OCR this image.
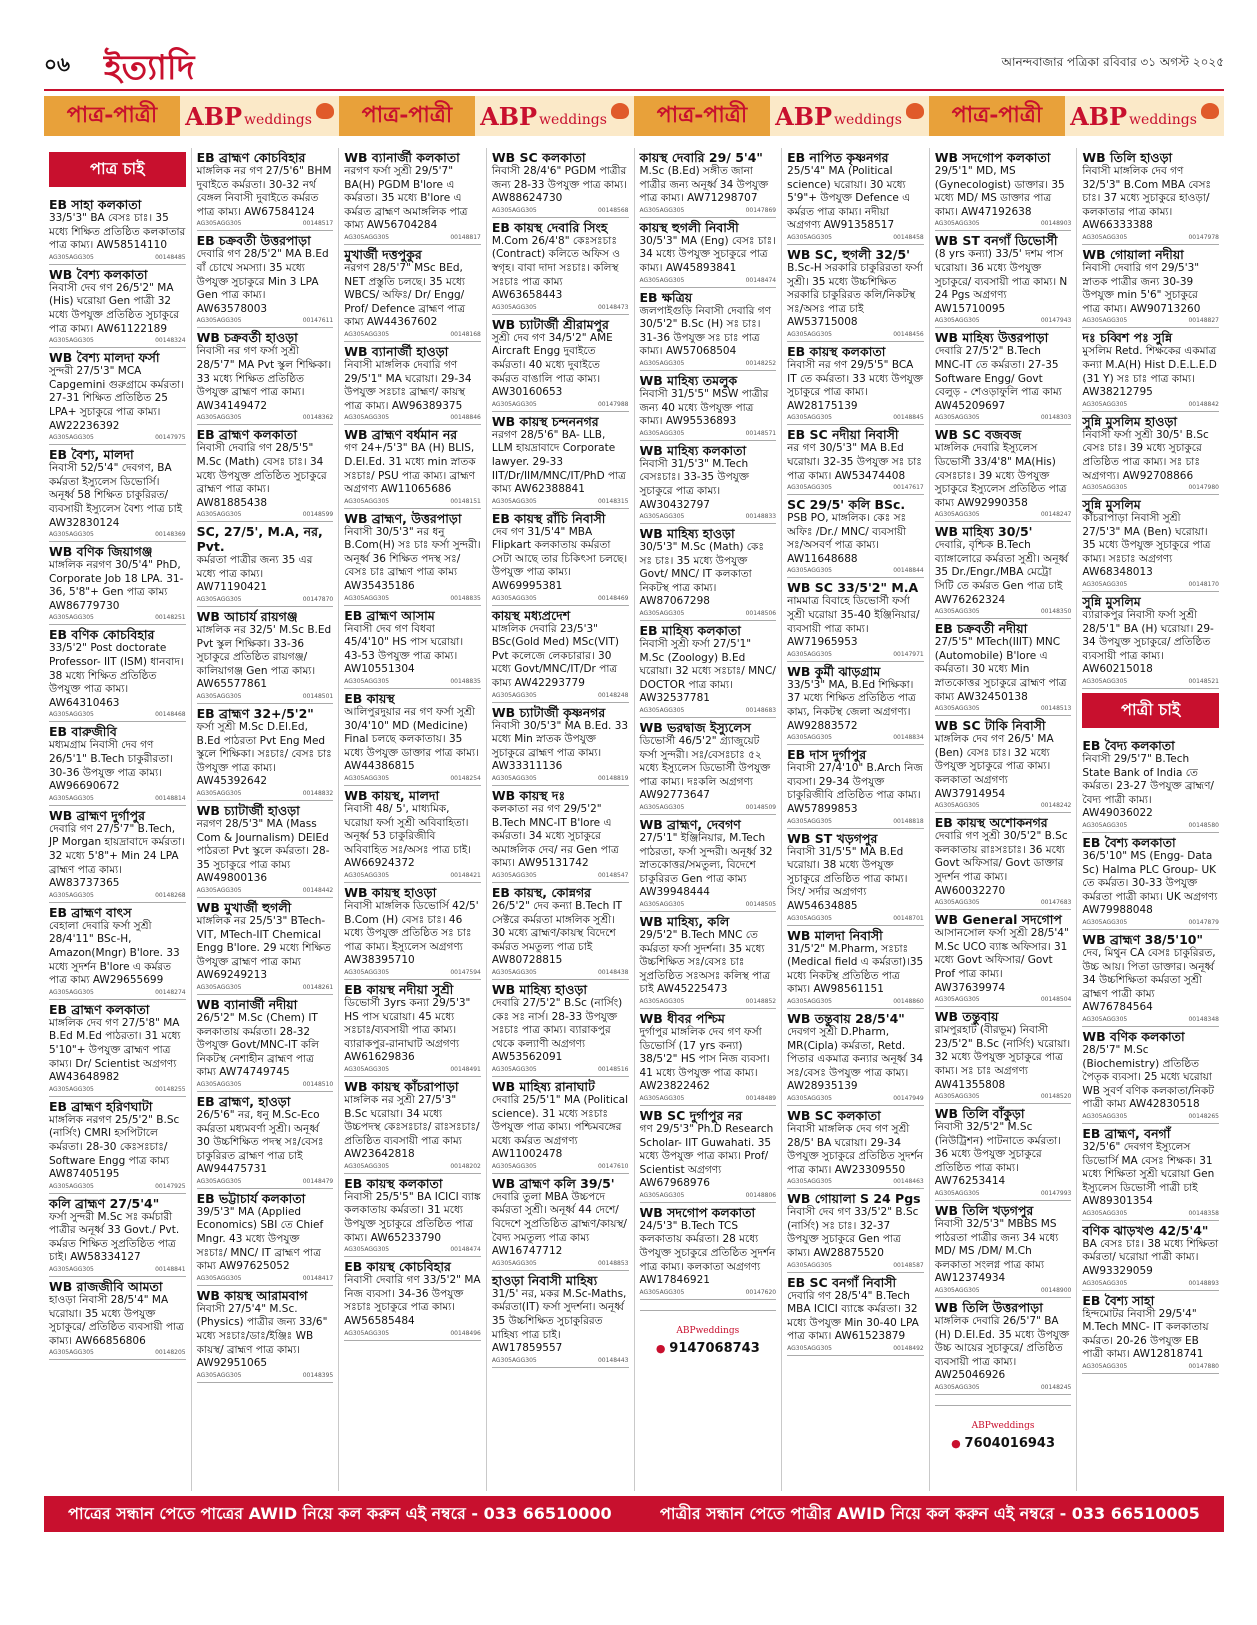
০৬ ইত্যাদি	আনন্দবাজার পত্রিকা রবিবার ৩১ অগস্ট ২০২৫
পাত্র-পাত্রী	ABP weddings	পাত্র-পাত্রী	ABP weddings	পাত্র-পাত্রী	ABP weddings	পাত্র-পাত্রী	ABP weddings
পাত্র চাই
EB সাহা কলকাতা
33/5'3" BA বেসঃ চাঃ। 35 মধ্যে শিক্ষিত প্রতিষ্ঠিত কলকাতার পাত্র কাম্য। AW58514110
AG305AGG305	00148485
WB বৈশ্য কলকাতা
নিবাসী দেব গণ 26/5'2" MA (His) ঘরোয়া Gen পাত্রী 32 মধ্যে উপযুক্ত প্রতিষ্ঠিত সুচাকুরে পাত্র কাম্য। AW61122189
AG305AGG305	00148324
WB বৈশ্য মালদা ফর্সা
সুন্দরী 27/5'3" MCA Capgemini গুরুগ্রামে কর্মরতা। 27-31 শিক্ষিত প্রতিষ্ঠিত 25 LPA+ সুচাকুরে পাত্র কাম্য। AW22236392
AG305AGG305	00147975
EB বৈশ্য, মালদা
নিবাসী 52/5'4" দেবগণ, BA কর্মরতা ইস্যুলেস ডিভোর্সি। অনূর্ধ্ব 58 শিক্ষিত চাকুরিরত/ব্যবসায়ী ইস্যুলেস বৈশ্য পাত্র চাই AW32830124
AG305AGG305	00148369
WB বণিক জিয়াগঞ্জ
মাঙ্গলিক নরগণ 30/5'4" PhD, Corporate Job 18 LPA. 31-36, 5'8"+ Gen পাত্র কাম্য AW86779730
AG305AGG305	00148251
EB বণিক কোচবিহার
33/5'2" Post doctorate Professor- IIT (ISM) ধানবাদ। 38 মধ্যে শিক্ষিত প্রতিষ্ঠিত উপযুক্ত পাত্র কাম্য। AW64310463
AG305AGG305	00148468
EB বারুজীবি
মধ্যমগ্রাম নিবাসী দেব গণ 26/5'1" B.Tech চাকুরীরতা। 30-36 উপযুক্ত পাত্র কাম্য। AW96690672
AG305AGG305	00148814
WB ব্রাহ্মণ দুর্গাপুর
দেবারি গণ 27/5'7" B.Tech, JP Morgan হায়দ্রাবাদে কর্মরতা। 32 মধ্যে 5'8"+ Min 24 LPA ব্রাহ্মণ পাত্র কাম্য। AW83737365
AG305AGG305	00148268
EB ব্রাহ্মণ বাৎস
বেহালা দেবারি ফর্সা সুশ্রী 28/4'11" BSc-H, Amazon(Mngr) B'lore. 33 মধ্যে সুদর্শন B'lore এ কর্মরত পাত্র কাম্য AW29655699
AG305AGG305	00148274
EB ব্রাহ্মণ কলকাতা
মাঙ্গলিক দেব গণ 27/5'8" MA B.Ed M.Ed পাঠরতা। 31 মধ্যে 5'10"+ উপযুক্ত ব্রাহ্মণ পাত্র কাম্য। Dr/ Scientist অগ্রগণ্য AW43648982
AG305AGG305	00148255
EB ব্রাহ্মণ হরিণঘাটা
মাঙ্গলিক নরগণ 25/5'2" B.Sc (নার্সিং) CMRI হসপিটালে কর্মরতা। 28-30 কেঃসঃচাঃ/ Software Engg পাত্র কাম্য AW87405195
AG305AGG305	00147925
কলি ব্রাহ্মণ 27/5'4"
ফর্সা সুন্দরী M.Sc সঃ কর্মচারী পাত্রীর অনূর্ধ্ব 33 Govt./ Pvt. কর্মরত শিক্ষিত সুপ্রতিষ্ঠিত পাত্র চাই। AW58334127
AG305AGG305	00148841
WB রাজজীবি আমতা
হাওড়া নিবাসী 28/5'4" MA ঘরোয়া। 35 মধ্যে উপযুক্ত সুচাকুরে/ প্রতিষ্ঠিত ব্যবসায়ী পাত্র কাম্য। AW66856806
AG305AGG305	00148205
EB ব্রাহ্মণ কোচবিহার
মাঙ্গলিক নর গণ 27/5'6" BHM দুবাইতে কর্মরতা। 30-32 নর্থ বেঙ্গল নিবাসী দুবাইতে কর্মরত পাত্র কাম্য। AW67584124
AG305AGG305	00148517
EB চক্রবর্তী উত্তরপাড়া
দেবারি গণ 28/5'2" MA B.Ed বাঁ চোখে সমস্যা। 35 মধ্যে উপযুক্ত সুচাকুরে Min 3 LPA Gen পাত্র কাম্য। AW63578003
AG305AGG305	00147611
WB চক্রবর্তী হাওড়া
নিবাসী নর গণ ফর্সা সুশ্রী 28/5'7" MA Pvt স্কুল শিক্ষিকা। 33 মধ্যে শিক্ষিত প্রতিষ্ঠিত উপযুক্ত ব্রাহ্মণ পাত্র কাম্য। AW34149472
AG305AGG305	00148362
EB ব্রাহ্মণ কলকাতা
নিবাসী দেবারি গণ 28/5'5" M.Sc (Math) বেসঃ চাঃ। 34 মধ্যে উপযুক্ত প্রতিষ্ঠিত সুচাকুরে ব্রাহ্মণ পাত্র কাম্য। AW81885438
AG305AGG305	00148599
SC, 27/5', M.A, নর, Pvt.
কর্মরতা পাত্রীর জন্য 35 এর মধ্যে পাত্র কাম্য। AW71190421
AG305AGG305	00147870
WB আচার্য রায়গঞ্জ
মাঙ্গলিক নর 32/5' M.Sc B.Ed Pvt স্কুল শিক্ষিকা। 33-36 সুচাকুরে প্রতিষ্ঠিত রায়গঞ্জ/ কালিয়াগঞ্জ Gen পাত্র কাম্য। AW65577861
AG305AGG305	00148501
EB ব্রাহ্মণ 32+/5'2"
ফর্সা সুশ্রী M.Sc D.El.Ed, B.Ed পাঠরতা Pvt Eng Med স্কুলে শিক্ষিকা। সঃচাঃ/ বেসঃ চাঃ উপযুক্ত পাত্র কাম্য। AW45392642
AG305AGG305	00148832
WB চ্যাটার্জী হাওড়া
নরগণ 28/5'3" MA (Mass Com & Journalism) DElEd পাঠরতা Pvt স্কুলে কর্মরতা। 28-35 সুচাকুরে পাত্র কাম্য AW49800136
AG305AGG305	00148442
WB মুখার্জী হুগলী
মাঙ্গলিক নর 25/5'3" BTech-VIT, MTech-IIT Chemical Engg B'lore. 29 মধ্যে শিক্ষিত উপযুক্ত ব্রাহ্মণ পাত্র কাম্য AW69249213
AG305AGG305	00148261
WB ব্যানার্জী নদীয়া
26/5'2" M.Sc (Chem) IT কলকাতায় কর্মরতা। 28-32 উপযুক্ত Govt/MNC-IT কলি নিকটস্থ নেশাহীন ব্রাহ্মণ পাত্র কাম্য AW74749745
AG305AGG305	00148510
EB ব্রাহ্মণ, হাওড়া
26/5'6" নর, ধনু M.Sc-Eco কর্মরতা মধ্যমবর্ণা সুশ্রী। অনূর্ধ্ব 30 উচ্চশিক্ষিত পদস্থ সঃ/বেসঃ চাকুরিরত ব্রাহ্মণ পাত্র চাই AW94475731
AG305AGG305	00148479
EB ভট্টাচার্য কলকাতা
39/5'3" MA (Applied Economics) SBI তে Chief Mngr. 43 মধ্যে উপযুক্ত সঃচাঃ/ MNC/ IT ব্রাহ্মণ পাত্র কাম্য AW97625052
AG305AGG305	00148417
WB কায়স্থ আরামবাগ
নিবাসী 27/5'4" M.Sc. (Physics) পাত্রীর জন্য 33/6" মধ্যে সঃচাঃ/ডাঃ/ইঞ্জিঃ WB কায়স্থ/ ব্রাহ্মণ পাত্র কাম্য। AW92951065
AG305AGG305	00148395
WB ব্যানার্জী কলকাতা
নরগণ ফর্সা সুশ্রী 29/5'7" BA(H) PGDM B'lore এ কর্মরতা। 35 মধ্যে B'lore এ কর্মরত ব্রাহ্মণ অমাঙ্গলিক পাত্র কাম্য AW56704284
AG305AGG305	00148817
মুখার্জী দত্তপুকুর
নরগণ 28/5'7" MSc BEd, NET প্রস্তুতি চলছে। 35 মধ্যে WBCS/ অফিঃ/ Dr/ Engg/ Prof/ Defence ব্রাহ্মণ পাত্র কাম্য AW44367602
AG305AGG305	00148168
WB ব্যানার্জী হাওড়া
নিবাসী মাঙ্গলিক দেবারি গণ 29/5'1" MA ঘরোয়া। 29-34 উপযুক্ত সঃচাঃ ব্রাহ্মণ/ কায়স্থ পাত্র কাম্য। AW96389375
AG305AGG305	00148846
WB ব্রাহ্মণ বর্ধমান নর
গণ 24+/5'3" BA (H) BLIS, D.El.Ed. 31 মধ্যে min স্নাতক সঃচাঃ/ PSU পাত্র কাম্য। ব্রাহ্মণ অগ্রগণ্য AW11065686
AG305AGG305	00148151
WB ব্রাহ্মণ, উত্তরপাড়া
নিবাসী 30/5'3" নর ধনু B.Com(H) সঃ চাঃ ফর্সা সুন্দরী। অনূর্ধ্ব 36 শিক্ষিত পদস্থ সঃ/বেসঃ চাঃ ব্রাহ্মণ পাত্র কাম্য AW35435186
AG305AGG305	00148835
EB ব্রাহ্মণ আসাম
নিবাসী দেব গণ বিধবা 45/4'10" HS পাস ঘরোয়া। 43-53 উপযুক্ত পাত্র কাম্য। AW10551304
AG305AGG305	00148835
EB কায়স্থ
আলিপুরদুয়ার নর গণ ফর্সা সুশ্রী 30/4'10" MD (Medicine) Final চলছে কলকাতায়। 35 মধ্যে উপযুক্ত ডাক্তার পাত্র কাম্য। AW44386815
AG305AGG305	00148254
WB কায়স্থ, মালদা
নিবাসী 48/ 5', মাধ্যমিক, ঘরোয়া ফর্সা সুশ্রী অবিবাহিতা। অনূর্ধ্ব 53 চাকুরিজীবি অবিবাহিত সঃ/অসঃ পাত্র চাই। AW66924372
AG305AGG305	00148421
WB কায়স্থ হাওড়া
নিবাসী মাঙ্গলিক ডিভোর্সি 42/5' B.Com (H) বেসঃ চাঃ। 46 মধ্যে উপযুক্ত প্রতিষ্ঠিত সঃ চাঃ পাত্র কাম্য। ইস্যুলেস অগ্রগণ্য AW38395710
AG305AGG305	00147594
EB কায়স্থ নদীয়া সুশ্রী
ডিভোর্সী 3yrs কন্যা 29/5'3" HS পাস ঘরোয়া। 45 মধ্যে সঃচাঃ/ব্যবসায়ী পাত্র কাম্য। ব্যারাকপুর-রানাঘাট অগ্রগণ্য AW61629836
AG305AGG305	00148491
WB কায়স্থ কাঁচরাপাড়া
মাঙ্গলিক নর সুশ্রী 27/5'3" B.Sc ঘরোয়া। 34 মধ্যে উচ্চপদস্থ কেঃসঃচাঃ/ রাঃসঃচাঃ/ প্রতিষ্ঠিত ব্যবসায়ী পাত্র কাম্য AW23642818
AG305AGG305	00148202
EB কায়স্থ কলকাতা
নিবাসী 25/5'5" BA ICICI ব্যাঙ্ক কলকাতায় কর্মরতা। 31 মধ্যে উপযুক্ত সুচাকুরে প্রতিষ্ঠিত পাত্র কাম্য। AW65233790
AG305AGG305	00148474
EB কায়স্থ কোচবিহার
নিবাসী দেবারি গণ 33/5'2" MA নিজ ব্যবসা। 34-36 উপযুক্ত সঃচাঃ সুচাকুরে পাত্র কাম্য। AW56585484
AG305AGG305	00148496
WB SC কলকাতা
নিবাসী 28/4'6" PGDM পাত্রীর জন্য 28-33 উপযুক্ত পাত্র কাম্য। AW88624730
AG305AGG305	00148568
EB কায়স্থ দেবারি সিংহ
M.Com 26/4'8" কেঃসঃচাঃ (Contract) কলিতে অফিস ও স্বগৃহ। বাবা দাদা সঃচাঃ। কলিস্থ সঃচাঃ পাত্র কাম্য AW63658443
AG305AGG305	00148473
WB চ্যাটার্জী শ্রীরামপুর
সুশ্রী দেব গণ 34/5'2" AME Aircraft Engg দুবাইতে কর্মরতা। 40 মধ্যে দুবাইতে কর্মরত বাঙালি পাত্র কাম্য। AW30160653
AG305AGG305	00147988
WB কায়স্থ চন্দননগর
নরগণ 28/5'6" BA- LLB, LLM হায়দ্রাবাদে Corporate lawyer. 29-33 IIT/Dr/IIM/MNC/IT/PhD পাত্র কাম্য AW62388841
AG305AGG305	00148315
EB কায়স্থ রাঁচি নিবাসী
দেব গণ 31/5'4" MBA Flipkart কলকাতায় কর্মরতা সেটা আছে তার চিকিৎসা চলছে। উপযুক্ত পাত্র কাম্য। AW69995381
AG305AGG305	00148469
কায়স্থ মধ্যপ্রদেশ
মাঙ্গলিক দেবারি 23/5'3" BSc(Gold Med) MSc(VIT) Pvt কলেজে লেকচারার। 30 মধ্যে Govt/MNC/IT/Dr পাত্র কাম্য AW42293779
AG305AGG305	00148248
WB চ্যাটার্জী কৃষ্ণনগর
নিবাসী 30/5'3" MA B.Ed. 33 মধ্যে Min স্নাতক উপযুক্ত সুচাকুরে ব্রাহ্মণ পাত্র কাম্য। AW33311136
AG305AGG305	00148819
WB কায়স্থ দঃ
কলকাতা নর গণ 29/5'2" B.Tech MNC-IT B'lore এ কর্মরতা। 34 মধ্যে সুচাকুরে অমাঙ্গলিক দেব/ নর Gen পাত্র কাম্য। AW95131742
AG305AGG305	00148547
EB কায়স্থ, কোন্নগর
26/5'2" দেব কন্যা B.Tech IT সেক্টরে কর্মরতা মাঙ্গলিক সুশ্রী। 30 মধ্যে ব্রাহ্মণ/কায়স্থ বিদেশে কর্মরত সমতুল্য পাত্র চাই AW80728815
AG305AGG305	00148438
WB মাহিষ্য হাওড়া
দেবারি 27/5'2" B.Sc (নার্সিং) কেঃ সঃ নার্স। 28-33 উপযুক্ত সঃচাঃ পাত্র কাম্য। ব্যারাকপুর থেকে কল্যাণী অগ্রগণ্য AW53562091
AG305AGG305	00148516
WB মাহিষ্য রানাঘাট
দেবারি 25/5'1" MA (Political science). 31 মধ্যে সঃচাঃ উপযুক্ত পাত্র কাম্য। পশ্চিমবঙ্গের মধ্যে কর্মরত অগ্রগণ্য AW11002478
AG305AGG305	00147610
WB ব্রাহ্মণ কলি 39/5'
দেবারি তুলা MBA উচ্চপদে কর্মরতা সুশ্রী। অনূর্ধ্ব 44 দেশে/বিদেশে সুপ্রতিষ্ঠিত ব্রাহ্মণ/কায়স্থ/বৈদ্য সমতুল্য পাত্র কাম্য AW16747712
AG305AGG305	00148853
হাওড়া নিবাসী মাহিষ্য
31/5' নর, মকর M.Sc-Maths, কর্মরতা(IT) ফর্সা সুদর্শনা। অনূর্ধ্ব 35 উচ্চশিক্ষিত সুচাকুরিরত মাহিষ্য পাত্র চাই। AW17859557
AG305AGG305	00148443
কায়স্থ দেবারি 29/ 5'4"
M.Sc (B.Ed) সঙ্গীত জানা পাত্রীর জন্য অনূর্ধ্ব 34 উপযুক্ত পাত্র কাম্য। AW71298707
AG305AGG305	00147869
কায়স্থ হুগলী নিবাসী
30/5'3" MA (Eng) বেসঃ চাঃ। 34 মধ্যে উপযুক্ত সুচাকুরে পাত্র কাম্য। AW45893841
AG305AGG305	00148474
EB ক্ষত্রিয়
জলপাইগুড়ি নিবাসী দেবারি গণ 30/5'2" B.Sc (H) সঃ চাঃ। 31-36 উপযুক্ত সঃ চাঃ পাত্র কাম্য। AW57068504
AG305AGG305	00148252
WB মাহিষ্য তমলুক
নিবাসী 31/5'5" MSW পাত্রীর জন্য 40 মধ্যে উপযুক্ত পাত্র কাম্য। AW95536893
AG305AGG305	00148571
WB মাহিষ্য কলকাতা
নিবাসী 31/5'3" M.Tech বেসঃচাঃ। 33-35 উপযুক্ত সুচাকুরে পাত্র কাম্য। AW30432797
AG305AGG305	00148833
WB মাহিষ্য হাওড়া
30/5'3" M.Sc (Math) কেঃ সঃ চাঃ। 35 মধ্যে উপযুক্ত Govt/ MNC/ IT কলকাতা নিকটস্থ পাত্র কাম্য। AW87067298
AG305AGG305	00148506
EB মাহিষ্য কলকাতা
নিবাসী সুশ্রী ফর্সা 27/5'1" M.Sc (Zoology) B.Ed ঘরোয়া। 32 মধ্যে সঃচাঃ/ MNC/ DOCTOR পাত্র কাম্য। AW32537781
AG305AGG305	00148683
WB ভরদ্বাজ ইস্যুলেস
ডিভোর্সী 46/5'2" গ্র্যাজুয়েট ফর্সা সুন্দরী। সঃ/বেসঃচাঃ ৫২ মধ্যে ইস্যুলেস ডিভোর্সী উপযুক্ত পাত্র কাম্য। দঃকলি অগ্রগণ্য AW92773647
AG305AGG305	00148509
WB ব্রাহ্মণ, দেবগণ
27/5'1" ইঞ্জিনিয়ার, M.Tech পাঠরতা, ফর্সা সুন্দরী। অনূর্ধ্ব 32 স্নাতকোত্তর/সমতুল্য, বিদেশে চাকুরিরত Gen পাত্র কাম্য AW39948444
AG305AGG305	00148505
WB মাহিষ্য, কলি
29/5'2" B.Tech MNC তে কর্মরতা ফর্সা সুদর্শনা। 35 মধ্যে উচ্চশিক্ষিত সঃ/বেসঃ চাঃ সুপ্রতিষ্ঠিত সঃঅসঃ কলিস্থ পাত্র চাই AW45225473
AG305AGG305	00148852
WB ধীবর পশ্চিম
দুর্গাপুর মাঙ্গলিক দেব গণ ফর্সা ডিভোর্সি (17 yrs কন্যা) 38/5'2" HS পাস নিজ ব্যবসা। 41 মধ্যে উপযুক্ত পাত্র কাম্য। AW23822462
AG305AGG305	00148489
WB SC দুর্গাপুর নর
গণ 29/5'3" Ph.D Research Scholar- IIT Guwahati. 35 মধ্যে উপযুক্ত পাত্র কাম্য। Prof/ Scientist অগ্রগণ্য AW67968976
AG305AGG305	00148806
WB সদগোপ কলকাতা
24/5'3" B.Tech TCS কলকাতায় কর্মরতা। 28 মধ্যে উপযুক্ত সুচাকুরে প্রতিষ্ঠিত সুদর্শন পাত্র কাম্য। কলকাতা অগ্রগণ্য AW17846921
AG305AGG305	00147620
ABPweddings
● 9147068743
EB নাপিত কৃষ্ণনগর
25/5'4" MA (Political science) ঘরোয়া। 30 মধ্যে 5'9"+ উপযুক্ত Defence এ কর্মরত পাত্র কাম্য। নদীয়া অগ্রগণ্য AW91358517
AG305AGG305	00148458
WB SC, হুগলী 32/5'
B.Sc-H সরকারি চাকুরিরতা ফর্সা সুশ্রী। 35 মধ্যে উচ্চশিক্ষিত সরকারি চাকুরিরত কলি/নিকটস্থ সঃ/অসঃ পাত্র চাই AW53715008
AG305AGG305	00148456
EB কায়স্থ কলকাতা
নিবাসী নর গণ 29/5'5" BCA IT তে কর্মরতা। 33 মধ্যে উপযুক্ত সুচাকুরে পাত্র কাম্য। AW28175139
AG305AGG305	00148845
EB SC নদীয়া নিবাসী
নর গণ 30/5'3" MA B.Ed ঘরোয়া। 32-35 উপযুক্ত সঃ চাঃ পাত্র কাম্য। AW53474408
AG305AGG305	00147617
SC 29/5' কলি BSc.
PSB PO, মাঙ্গলিক। কেঃ সঃ অফিঃ /Dr./ MNC/ ব্যবসায়ী সঃ/অসবর্ণ পাত্র কাম্য। AW11648688
AG305AGG305	00148844
WB SC 33/5'2" M.A
নামমাত্র বিবাহে ডিভোর্সী ফর্সা সুশ্রী ঘরোয়া 35-40 ইঞ্জিনিয়ার/ব্যবসায়ী পাত্র কাম্য। AW71965953
AG305AGG305	00147971
WB কুর্মী ঝাড়গ্রাম
33/5'3" MA, B.Ed শিক্ষিকা। 37 মধ্যে শিক্ষিত প্রতিষ্ঠিত পাত্র কাম্য, নিকটস্থ জেলা অগ্রগণ্য। AW92883572
AG305AGG305	00148834
EB দাস দুর্গাপুর
নিবাসী 27/4'10" B.Arch নিজ ব্যবসা। 29-34 উপযুক্ত চাকুরিজীবি প্রতিষ্ঠিত পাত্র কাম্য। AW57899853
AG305AGG305	00148818
WB ST খড়গপুর
নিবাসী 31/5'5" MA B.Ed ঘরোয়া। 38 মধ্যে উপযুক্ত সুচাকুরে প্রতিষ্ঠিত পাত্র কাম্য। সিং/ সর্দার অগ্রগণ্য AW54634885
AG305AGG305	00148701
WB মালদা নিবাসী
31/5'2" M.Pharm, সঃচাঃ (Medical field এ কর্মরতা)।35 মধ্যে নিকটস্থ প্রতিষ্ঠিত পাত্র কাম্য। AW98561151
AG305AGG305	00148860
WB তন্তুবায় 28/5'4"
দেবগণ সুশ্রী D.Pharm, MR(Cipla) কর্মরতা, Retd. পিতার একমাত্র কন্যার অনূর্ধ্ব 34 সঃ/বেসঃ উপযুক্ত পাত্র কাম্য। AW28935139
AG305AGG305	00147949
WB SC কলকাতা
নিবাসী মাঙ্গলিক দেব গণ সুশ্রী 28/5' BA ঘরোয়া। 29-34 উপযুক্ত সুচাকুরে প্রতিষ্ঠিত সুদর্শন পাত্র কাম্য। AW23309550
AG305AGG305	00148463
WB গোয়ালা S 24 Pgs
নিবাসী দেব গণ 33/5'2" B.Sc (নার্সিং) সঃ চাঃ। 32-37 উপযুক্ত সুচাকুরে Gen পাত্র কাম্য। AW28875520
AG305AGG305	00148587
EB SC বনগাঁ নিবাসী
দেবারি গণ 28/5'4" B.Tech MBA ICICI ব্যাঙ্কে কর্মরতা। 32 মধ্যে উপযুক্ত Min 30-40 LPA পাত্র কাম্য। AW61523879
AG305AGG305	00148492
WB সদগোপ কলকাতা
29/5'1" MD, MS (Gynecologist) ডাক্তার। 35 মধ্যে MD/ MS ডাক্তার পাত্র কাম্য। AW47192638
AG305AGG305	00148903
WB ST বনগাঁ ডিভোর্সী
(8 yrs কন্যা) 33/5' দশম পাস ঘরোয়া। 36 মধ্যে উপযুক্ত সুচাকুরে/ ব্যবসায়ী পাত্র কাম্য। N 24 Pgs অগ্রগণ্য AW15710095
AG305AGG305	00147943
WB মাহিষ্য উত্তরপাড়া
দেবারি 27/5'2" B.Tech MNC-IT তে কর্মরতা। 27-35 Software Engg/ Govt বেলুড় - শেওড়াফুলি পাত্র কাম্য AW45209697
AG305AGG305	00148303
WB SC বজবজ
মাঙ্গলিক দেবারি ইস্যুলেস ডিভোর্সী 33/4'8" MA(His) বেসঃচাঃ। 39 মধ্যে উপযুক্ত সুচাকুরে ইস্যুলেস প্রতিষ্ঠিত পাত্র কাম্য AW92990358
AG305AGG305	00148247
WB মাহিষ্য 30/5'
দেবারি, বৃশ্চিক B.Tech ব্যাঙ্গালোরে কর্মরতা সুশ্রী। অনূর্ধ্ব 35 Dr./Engr./MBA মেট্রো সিটি তে কর্মরত Gen পাত্র চাই AW76262324
AG305AGG305	00148350
EB চক্রবর্তী নদীয়া
27/5'5" MTech(IIIT) MNC (Automobile) B'lore এ কর্মরতা। 30 মধ্যে Min স্নাতকোত্তর সুচাকুরে ব্রাহ্মণ পাত্র কাম্য AW32450138
AG305AGG305	00148513
WB SC টাকি নিবাসী
মাঙ্গলিক দেব গণ 26/5' MA (Ben) বেসঃ চাঃ। 32 মধ্যে উপযুক্ত সুচাকুরে পাত্র কাম্য। কলকাতা অগ্রগণ্য AW37914954
AG305AGG305	00148242
EB কায়স্থ অশোকনগর
দেবারি গণ সুশ্রী 30/5'2" B.Sc কলকাতায় রাঃসঃচাঃ। 36 মধ্যে Govt অফিসার/ Govt ডাক্তার সুদর্শন পাত্র কাম্য। AW60032270
AG305AGG305	00147683
WB General সদগোপ
আসানসোল ফর্সা সুশ্রী 28/5'4" M.Sc UCO ব্যাঙ্ক অফিসার। 31 মধ্যে Govt অফিসার/ Govt Prof পাত্র কাম্য। AW37639974
AG305AGG305	00148504
WB তন্তুবায়
রামপুরহাট (বীরভূম) নিবাসী 23/5'2" B.Sc (নার্সিং) ঘরোয়া। 32 মধ্যে উপযুক্ত সুচাকুরে পাত্র কাম্য। সঃ চাঃ অগ্রগণ্য AW41355808
AG305AGG305	00148520
WB তিলি বাঁকুড়া
নিবাসী 32/5'2" M.Sc (নিউট্রিশন) পাটনাতে কর্মরতা। 36 মধ্যে উপযুক্ত সুচাকুরে প্রতিষ্ঠিত পাত্র কাম্য। AW76253414
AG305AGG305	00147993
WB তিলি খড়গপুর
নিবাসী 32/5'3" MBBS MS পাঠরতা পাত্রীর জন্য 34 মধ্যে MD/ MS /DM/ M.Ch কলকাতা সংলগ্ন পাত্র কাম্য AW12374934
AG305AGG305	00148900
WB তিলি উত্তরপাড়া
মাঙ্গলিক দেবারি 26/5'7" BA (H) D.El.Ed. 35 মধ্যে উপযুক্ত উচ্চ আয়ের সুচাকুরে/ প্রতিষ্ঠিত ব্যবসায়ী পাত্র কাম্য। AW25046926
AG305AGG305	00148245
ABPweddings
● 7604016943
WB তিলি হাওড়া
নিবাসী মাঙ্গলিক দেব গণ 32/5'3" B.Com MBA বেসঃ চাঃ। 37 মধ্যে সুচাকুরে হাওড়া/ কলকাতার পাত্র কাম্য। AW66333388
AG305AGG305	00147978
WB গোয়ালা নদীয়া
নিবাসী দেবারি গণ 29/5'3" স্নাতক পাত্রীর জন্য 30-39 উপযুক্ত min 5'6" সুচাকুরে পাত্র কাম্য। AW90713260
AG305AGG305	00148827
দঃ চব্বিশ পঃ সুন্নি
মুসলিম Retd. শিক্ষকের একমাত্র কন্যা M.A(H) Hist D.E.L.E.D (31 Y) সঃ চাঃ পাত্র কাম্য। AW38212795
AG305AGG305	00148842
সুন্নি মুসলিম হাওড়া
নিবাসী ফর্সা সুশ্রী 30/5' B.Sc বেসঃ চাঃ। 39 মধ্যে সুচাকুরে প্রতিষ্ঠিত পাত্র কাম্য। সঃ চাঃ অগ্রগণ্য। AW92708866
AG305AGG305	00147980
সুন্নি মুসলিম
কাঁচরাপাড়া নিবাসী সুশ্রী 27/5'3" MA (Ben) ঘরোয়া। 35 মধ্যে উপযুক্ত সুচাকুরে পাত্র কাম্য। সঃচাঃ অগ্রগণ্য AW68348013
AG305AGG305	00148170
সুন্নি মুসলিম
ব্যারাকপুর নিবাসী ফর্সা সুশ্রী 28/5'1" BA (H) ঘরোয়া। 29-34 উপযুক্ত সুচাকুরে/ প্রতিষ্ঠিত ব্যবসায়ী পাত্র কাম্য। AW60215018
AG305AGG305	00148521
পাত্রী চাই
EB বৈদ্য কলকাতা
নিবাসী 29/5'7" B.Tech State Bank of India তে কর্মরত। 23-27 উপযুক্ত ব্রাহ্মণ/ বৈদ্য পাত্রী কাম্য। AW49036022
AG305AGG305	00148580
EB বৈশ্য কলকাতা
36/5'10" MS (Engg- Data Sc) Halma PLC Group- UK তে কর্মরত। 30-33 উপযুক্ত কর্মরতা পাত্রী কাম্য। UK অগ্রগণ্য AW79988048
AG305AGG305	00147879
WB ব্রাহ্মণ 38/5'10"
দেব, মিথুন CA বেসঃ চাকুরিরত, উচ্চ আয়। পিতা ডাক্তার। অনূর্ধ্ব 34 উচ্চশিক্ষিতা কর্মরতা সুশ্রী ব্রাহ্মণ পাত্রী কাম্য AW76784564
AG305AGG305	00148348
WB বণিক কলকাতা
28/5'7" M.Sc (Biochemistry) প্রতিষ্ঠিত পৈতৃক ব্যবসা। 25 মধ্যে ঘরোয়া WB সুবর্ণ বণিক কলকাতা/নিকট পাত্রী কাম্য AW42830518
AG305AGG305	00148265
EB ব্রাহ্মণ, বনগাঁ
32/5'6" দেবগণ ইস্যুলেস ডিভোর্সি MA বেসঃ শিক্ষক। 31 মধ্যে শিক্ষিতা সুশ্রী ঘরোয়া Gen ইস্যুলেস ডিভোর্সী পাত্রী চাই AW89301354
AG305AGG305	00148358
বণিক ঝাড়খণ্ড 42/5'4"
BA বেসঃ চাঃ। 38 মধ্যে শিক্ষিতা কর্মরতা/ ঘরোয়া পাত্রী কাম্য। AW93329059
AG305AGG305	00148893
EB বৈশ্য সাহা
হিন্দমোটর নিবাসী 29/5'4" M.Tech MNC- IT কলকাতায় কর্মরত। 20-26 উপযুক্ত EB পাত্রী কাম্য। AW12818741
AG305AGG305	00147880
পাত্রের সন্ধান পেতে পাত্রের AWID নিয়ে কল করুন এই নম্বরে - 033 66510000	পাত্রীর সন্ধান পেতে পাত্রীর AWID নিয়ে কল করুন এই নম্বরে - 033 66510005
